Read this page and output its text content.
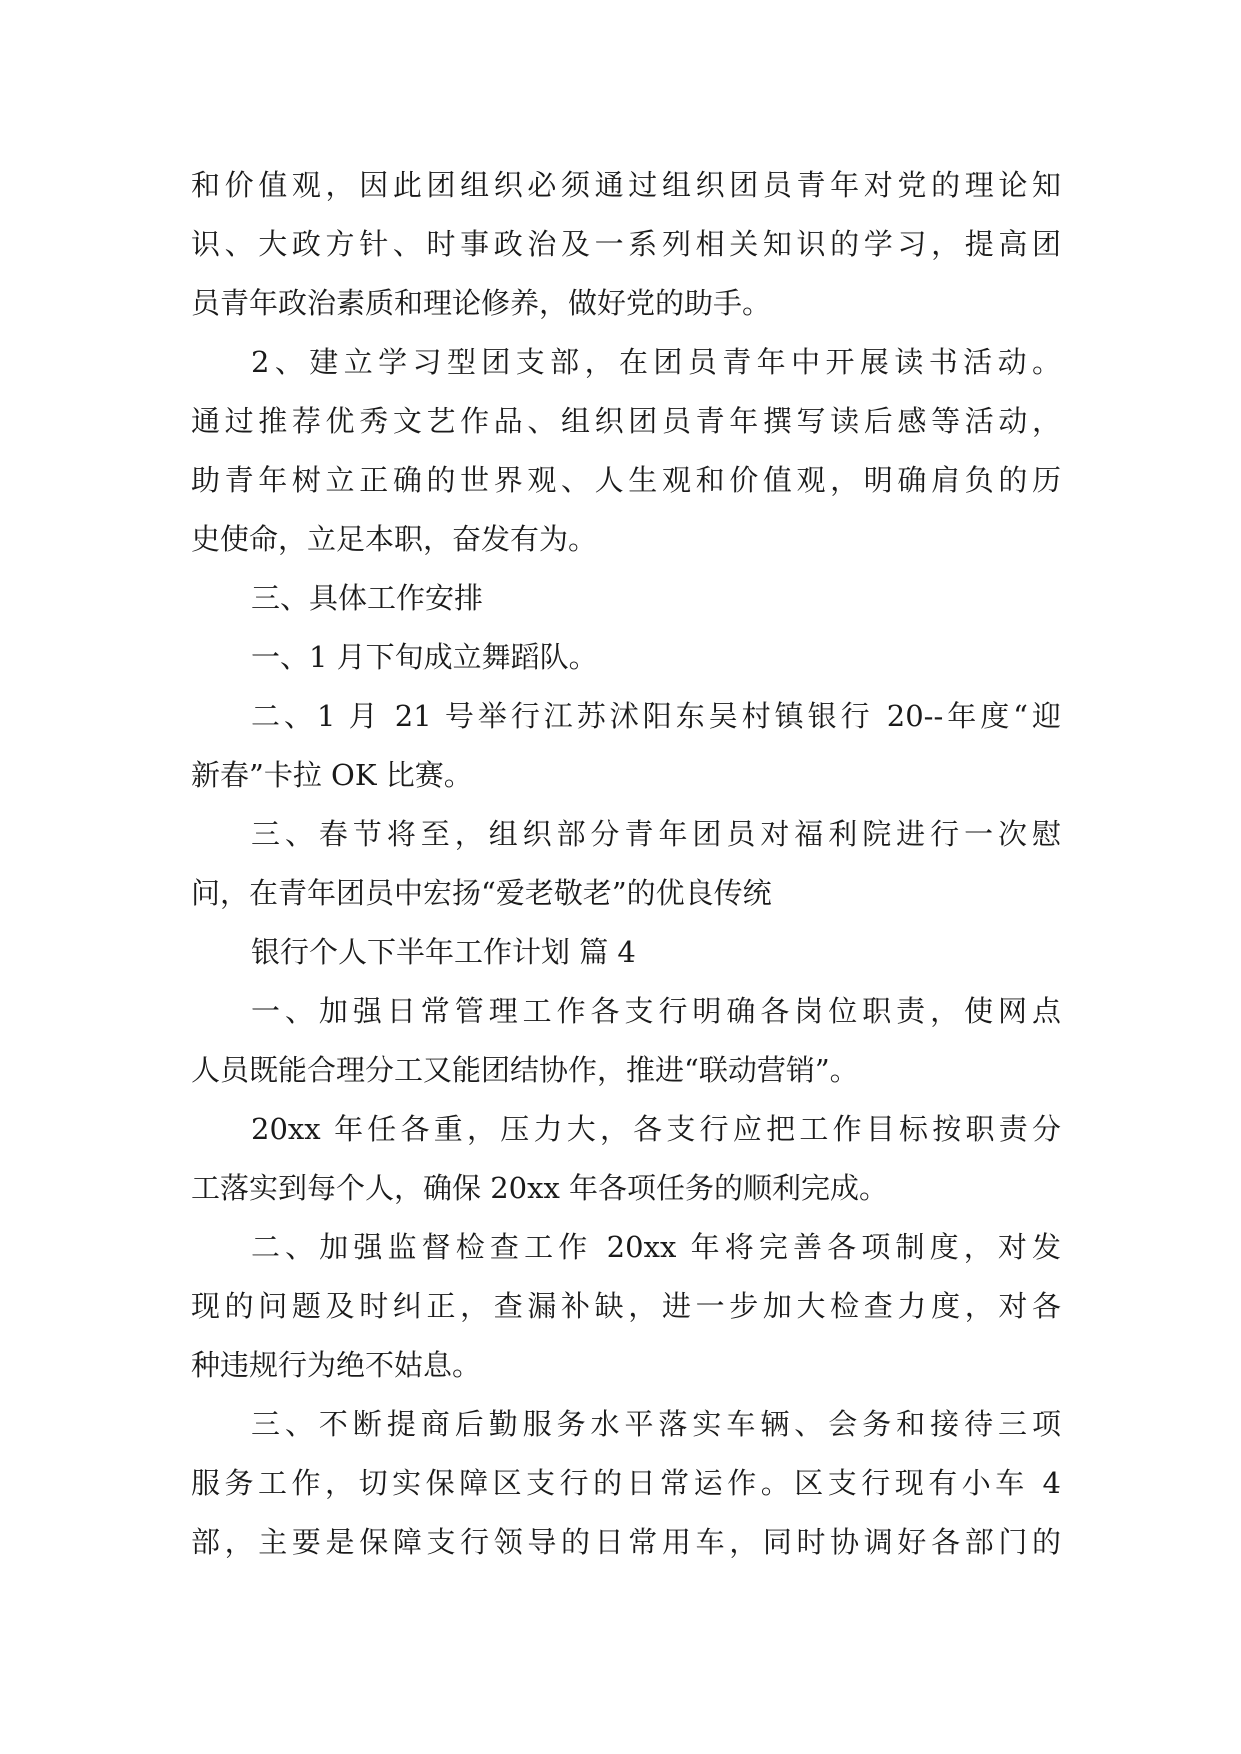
和价值观，因此团组织必须通过组织团员青年对党的理论知
识、大政方针、时事政治及一系列相关知识的学习，提高团
员青年政治素质和理论修养，做好党的助手。
2、建立学习型团支部，在团员青年中开展读书活动。
通过推荐优秀文艺作品、组织团员青年撰写读后感等活动，
助青年树立正确的世界观、人生观和价值观，明确肩负的历
史使命，立足本职，奋发有为。
三、具体工作安排
一、1 月下旬成立舞蹈队。
二、1 月 21 号举行江苏沭阳东吴村镇银行 20--年度“迎
新春”卡拉 OK 比赛。
三、春节将至，组织部分青年团员对福利院进行一次慰
问，在青年团员中宏扬“爱老敬老”的优良传统
银行个人下半年工作计划 篇 4
一、加强日常管理工作各支行明确各岗位职责，使网点
人员既能合理分工又能团结协作，推进“联动营销”。
20xx 年任各重，压力大，各支行应把工作目标按职责分
工落实到每个人，确保 20xx 年各项任务的顺利完成。
二、加强监督检查工作 20xx 年将完善各项制度，对发
现的问题及时纠正，查漏补缺，进一步加大检查力度，对各
种违规行为绝不姑息。
三、不断提商后勤服务水平落实车辆、会务和接待三项
服务工作，切实保障区支行的日常运作。区支行现有小车 4
部，主要是保障支行领导的日常用车，同时协调好各部门的
